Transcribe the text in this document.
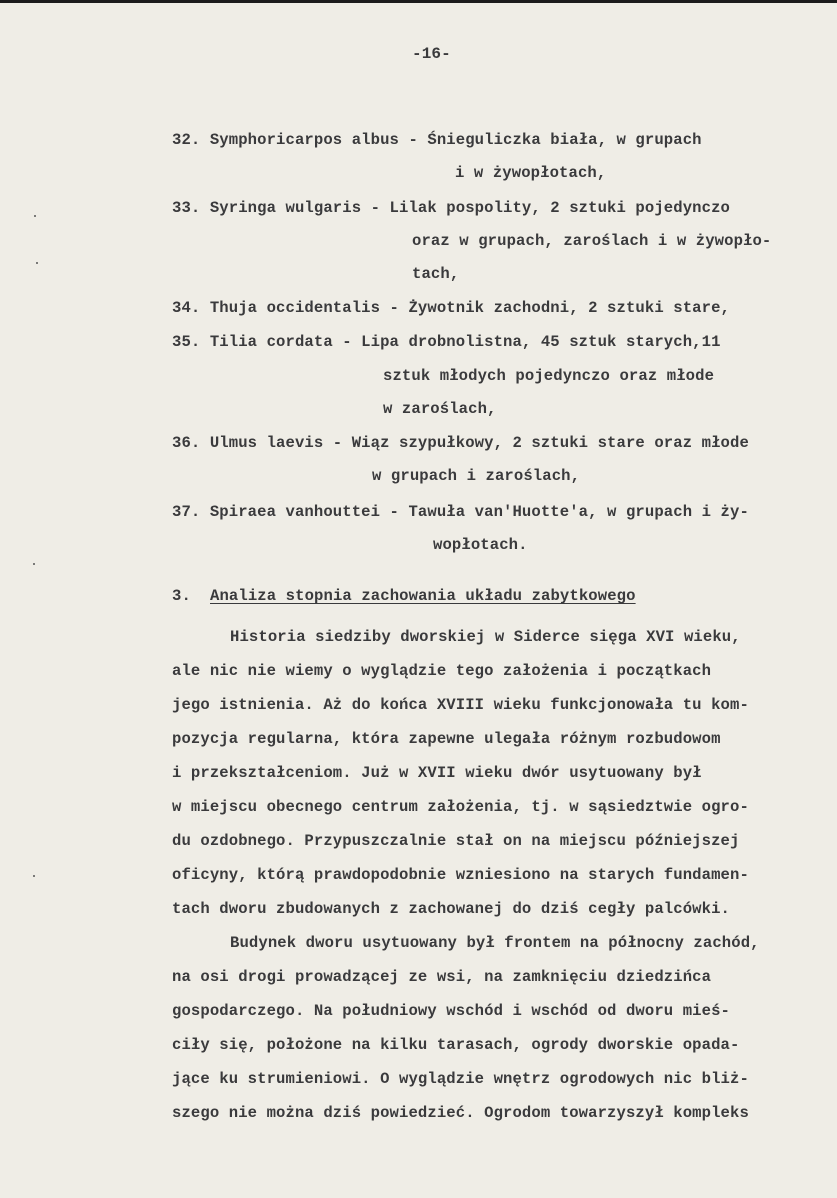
-16-
32. Symphoricarpos albus - Śnieguliczka biała, w grupach
i w żywopłotach,
33. Syringa wulgaris - Lilak pospolity, 2 sztuki pojedynczo
oraz w grupach, zaroślach i w żywopło-
tach,
34. Thuja occidentalis - Żywotnik zachodni, 2 sztuki stare,
35. Tilia cordata - Lipa drobnolistna, 45 sztuk starych,11
sztuk młodych pojedynczo oraz młode
w zaroślach,
36. Ulmus laevis - Wiąz szypułkowy, 2 sztuki stare oraz młode
w grupach i zaroślach,
37. Spiraea vanhouttei - Tawuła van'Huotte'a, w grupach i ży-
wopłotach.
3. Analiza stopnia zachowania układu zabytkowego
Historia siedziby dworskiej w Siderce sięga XVI wieku,
ale nic nie wiemy o wyglądzie tego założenia i początkach
jego istnienia. Aż do końca XVIII wieku funkcjonowała tu kom-
pozycja regularna, która zapewne ulegała różnym rozbudowom
i przekształceniom. Już w XVII wieku dwór usytuowany był
w miejscu obecnego centrum założenia, tj. w sąsiedztwie ogro-
du ozdobnego. Przypuszczalnie stał on na miejscu późniejszej
oficyny, którą prawdopodobnie wzniesiono na starych fundamen-
tach dworu zbudowanych z zachowanej do dziś cegły palcówki.
Budynek dworu usytuowany był frontem na północny zachód,
na osi drogi prowadzącej ze wsi, na zamknięciu dziedzińca
gospodarczego. Na południowy wschód i wschód od dworu mieś-
ciły się, położone na kilku tarasach, ogrody dworskie opada-
jące ku strumieniowi. O wyglądzie wnętrz ogrodowych nic bliż-
szego nie można dziś powiedzieć. Ogrodom towarzyszył kompleks
